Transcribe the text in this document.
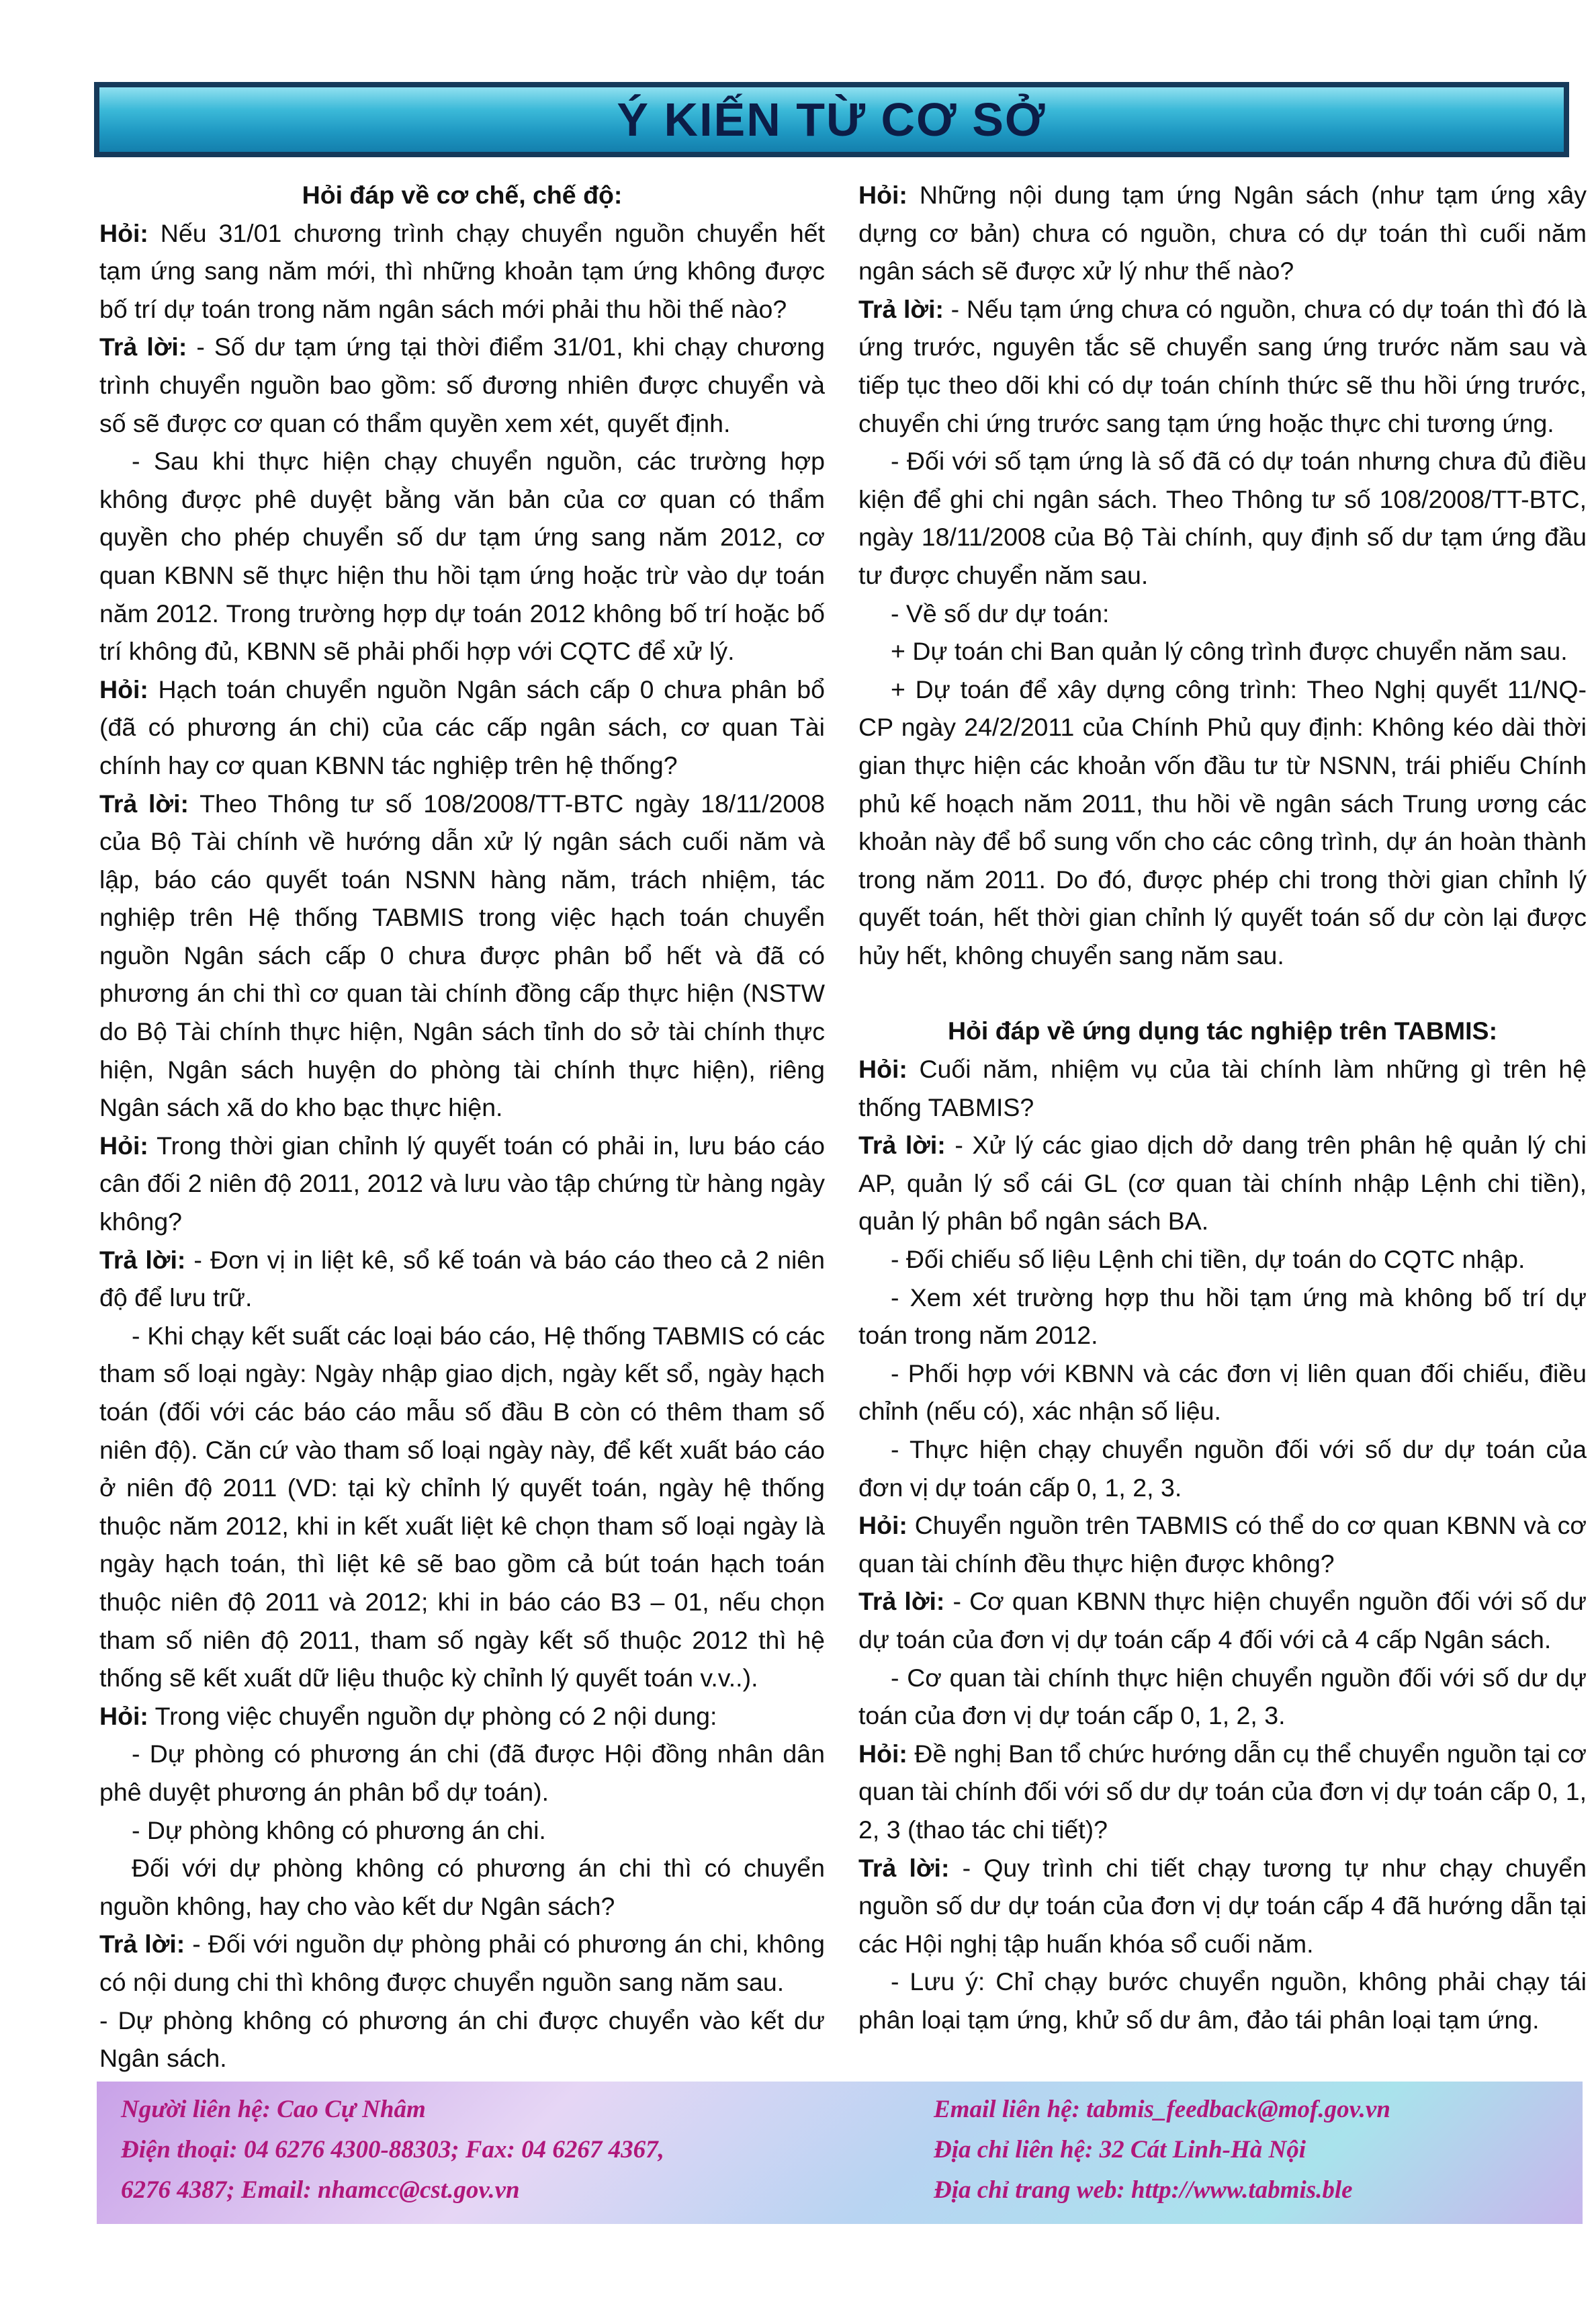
Ý KIẾN TỪ CƠ SỞ

Hỏi đáp về cơ chế, chế độ:

Hỏi: Nếu 31/01 chương trình chạy chuyển nguồn chuyển hết tạm ứng sang năm mới, thì những khoản tạm ứng không được bố trí dự toán trong năm ngân sách mới phải thu hồi thế nào?

Trả lời: - Số dư tạm ứng tại thời điểm 31/01, khi chạy chương trình chuyển nguồn bao gồm: số đương nhiên được chuyển và số sẽ được cơ quan có thẩm quyền xem xét, quyết định.

- Sau khi thực hiện chạy chuyển nguồn, các trường hợp không được phê duyệt bằng văn bản của cơ quan có thẩm quyền cho phép chuyển số dư tạm ứng sang năm 2012, cơ quan KBNN sẽ thực hiện thu hồi tạm ứng hoặc trừ vào dự toán năm 2012. Trong trường hợp dự toán 2012 không bố trí hoặc bố trí không đủ, KBNN sẽ phải phối hợp với CQTC để xử lý.

Hỏi: Hạch toán chuyển nguồn Ngân sách cấp 0 chưa phân bổ (đã có phương án chi) của các cấp ngân sách, cơ quan Tài chính hay cơ quan KBNN tác nghiệp trên hệ thống?

Trả lời: Theo Thông tư số 108/2008/TT-BTC ngày 18/11/2008 của Bộ Tài chính về hướng dẫn xử lý ngân sách cuối năm và lập, báo cáo quyết toán NSNN hàng năm, trách nhiệm, tác nghiệp trên Hệ thống TABMIS trong việc hạch toán chuyển nguồn Ngân sách cấp 0 chưa được phân bổ hết và đã có phương án chi thì cơ quan tài chính đồng cấp thực hiện (NSTW do Bộ Tài chính thực hiện, Ngân sách tỉnh do sở tài chính thực hiện, Ngân sách huyện do phòng tài chính thực hiện), riêng Ngân sách xã do kho bạc thực hiện.

Hỏi: Trong thời gian chỉnh lý quyết toán có phải in, lưu báo cáo cân đối 2 niên độ 2011, 2012 và lưu vào tập chứng từ hàng ngày không?

Trả lời: - Đơn vị in liệt kê, sổ kế toán và báo cáo theo cả 2 niên độ để lưu trữ.

- Khi chạy kết suất các loại báo cáo, Hệ thống TABMIS có các tham số loại ngày: Ngày nhập giao dịch, ngày kết sổ, ngày hạch toán (đối với các báo cáo mẫu số đầu B còn có thêm tham số niên độ). Căn cứ vào tham số loại ngày này, để kết xuất báo cáo ở niên độ 2011 (VD: tại kỳ chỉnh lý quyết toán, ngày hệ thống thuộc năm 2012, khi in kết xuất liệt kê chọn tham số loại ngày là ngày hạch toán, thì liệt kê sẽ bao gồm cả bút toán hạch toán thuộc niên độ 2011 và 2012; khi in báo cáo B3 – 01, nếu chọn tham số niên độ 2011, tham số ngày kết số thuộc 2012 thì hệ thống sẽ kết xuất dữ liệu thuộc kỳ chỉnh lý quyết toán v.v..).

Hỏi: Trong việc chuyển nguồn dự phòng có 2 nội dung:

- Dự phòng có phương án chi (đã được Hội đồng nhân dân phê duyệt phương án phân bổ dự toán).

- Dự phòng không có phương án chi.

Đối với dự phòng không có phương án chi thì có chuyển nguồn không, hay cho vào kết dư Ngân sách?

Trả lời: - Đối với nguồn dự phòng phải có phương án chi, không có nội dung chi thì không được chuyển nguồn sang năm sau.

- Dự phòng không có phương án chi được chuyển vào kết dư Ngân sách.

Hỏi: Những nội dung tạm ứng Ngân sách (như tạm ứng xây dựng cơ bản) chưa có nguồn, chưa có dự toán thì cuối năm ngân sách sẽ được xử lý như thế nào?

Trả lời: - Nếu tạm ứng chưa có nguồn, chưa có dự toán thì đó là ứng trước, nguyên tắc sẽ chuyển sang ứng trước năm sau và tiếp tục theo dõi khi có dự toán chính thức sẽ thu hồi ứng trước, chuyển chi ứng trước sang tạm ứng hoặc thực chi tương ứng.

- Đối với số tạm ứng là số đã có dự toán nhưng chưa đủ điều kiện để ghi chi ngân sách. Theo Thông tư số 108/2008/TT-BTC, ngày 18/11/2008 của Bộ Tài chính, quy định số dư tạm ứng đầu tư được chuyển năm sau.

- Về số dư dự toán:

+ Dự toán chi Ban quản lý công trình được chuyển năm sau.

+ Dự toán để xây dựng công trình: Theo Nghị quyết 11/NQ-CP ngày 24/2/2011 của Chính Phủ quy định: Không kéo dài thời gian thực hiện các khoản vốn đầu tư từ NSNN, trái phiếu Chính phủ kế hoạch năm 2011, thu hồi về ngân sách Trung ương các khoản này để bổ sung vốn cho các công trình, dự án hoàn thành trong năm 2011. Do đó, được phép chi trong thời gian chỉnh lý quyết toán, hết thời gian chỉnh lý quyết toán số dư còn lại được hủy hết, không chuyển sang năm sau.

Hỏi đáp về ứng dụng tác nghiệp trên TABMIS:

Hỏi: Cuối năm, nhiệm vụ của tài chính làm những gì trên hệ thống TABMIS?

Trả lời: - Xử lý các giao dịch dở dang trên phân hệ quản lý chi AP, quản lý sổ cái GL (cơ quan tài chính nhập Lệnh chi tiền), quản lý phân bổ ngân sách BA.

- Đối chiếu số liệu Lệnh chi tiền, dự toán do CQTC nhập.

- Xem xét trường hợp thu hồi tạm ứng mà không bố trí dự toán trong năm 2012.

- Phối hợp với KBNN và các đơn vị liên quan đối chiếu, điều chỉnh (nếu có), xác nhận số liệu.

- Thực hiện chạy chuyển nguồn đối với số dư dự toán của đơn vị dự toán cấp 0, 1, 2, 3.

Hỏi: Chuyển nguồn trên TABMIS có thể do cơ quan KBNN và cơ quan tài chính đều thực hiện được không?

Trả lời: - Cơ quan KBNN thực hiện chuyển nguồn đối với số dư dự toán của đơn vị dự toán cấp 4 đối với cả 4 cấp Ngân sách.

- Cơ quan tài chính thực hiện chuyển nguồn đối với số dư dự toán của đơn vị dự toán cấp 0, 1, 2, 3.

Hỏi: Đề nghị Ban tổ chức hướng dẫn cụ thể chuyển nguồn tại cơ quan tài chính đối với số dư dự toán của đơn vị dự toán cấp 0, 1, 2, 3 (thao tác chi tiết)?

Trả lời: - Quy trình chi tiết chạy tương tự như chạy chuyển nguồn số dư dự toán của đơn vị dự toán cấp 4 đã hướng dẫn tại các Hội nghị tập huấn khóa sổ cuối năm.

- Lưu ý: Chỉ chạy bước chuyển nguồn, không phải chạy tái phân loại tạm ứng, khử số dư âm, đảo tái phân loại tạm ứng.

Người liên hệ: Cao Cự Nhâm

Điện thoại: 04 6276 4300-88303; Fax: 04 6267 4367,

6276 4387; Email: nhamcc@cst.gov.vn

Email liên hệ: tabmis_feedback@mof.gov.vn

Địa chỉ liên hệ: 32 Cát Linh-Hà Nội

Địa chỉ trang web: http://www.tabmis.ble
